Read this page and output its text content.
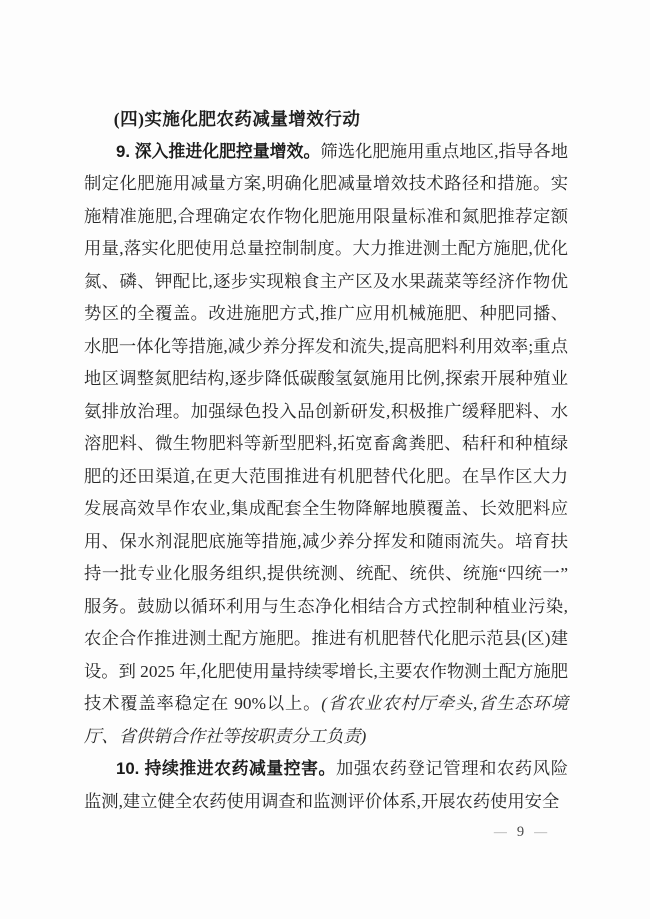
(四)实施化肥农药减量增效行动

9. 深入推进化肥控量增效。筛选化肥施用重点地区,指导各地制定化肥施用减量方案,明确化肥减量增效技术路径和措施。实施精准施肥,合理确定农作物化肥施用限量标准和氮肥推荐定额用量,落实化肥使用总量控制制度。大力推进测土配方施肥,优化氮、磷、钾配比,逐步实现粮食主产区及水果蔬菜等经济作物优势区的全覆盖。改进施肥方式,推广应用机械施肥、种肥同播、水肥一体化等措施,减少养分挥发和流失,提高肥料利用效率;重点地区调整氮肥结构,逐步降低碳酸氢氨施用比例,探索开展种殖业氨排放治理。加强绿色投入品创新研发,积极推广缓释肥料、水溶肥料、微生物肥料等新型肥料,拓宽畜禽粪肥、秸秆和种植绿肥的还田渠道,在更大范围推进有机肥替代化肥。在旱作区大力发展高效旱作农业,集成配套全生物降解地膜覆盖、长效肥料应用、保水剂混肥底施等措施,减少养分挥发和随雨流失。培育扶持一批专业化服务组织,提供统测、统配、统供、统施“四统一”服务。鼓励以循环利用与生态净化相结合方式控制种植业污染,农企合作推进测土配方施肥。推进有机肥替代化肥示范县(区)建设。到 2025 年,化肥使用量持续零增长,主要农作物测土配方施肥技术覆盖率稳定在 90%以上。(省农业农村厅牵头,省生态环境厅、省供销合作社等按职责分工负责)

10. 持续推进农药减量控害。加强农药登记管理和农药风险监测,建立健全农药使用调查和监测评价体系,开展农药使用安全

— 9 —
